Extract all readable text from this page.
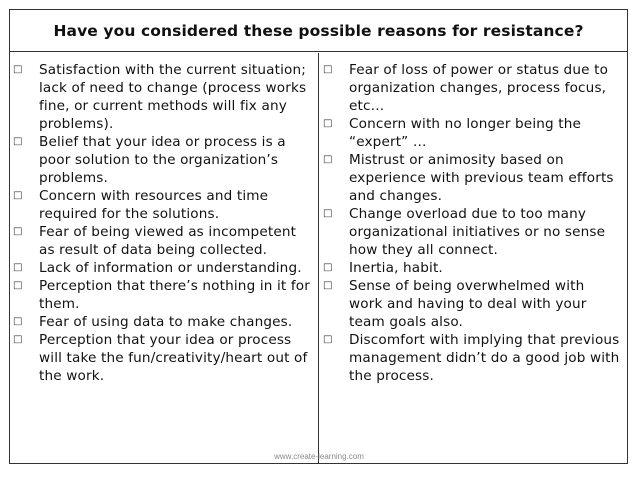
Have you considered these possible reasons for resistance?
□	Satisfaction with the current situation; lack of need to change (process works fine, or current methods will fix any problems).
□	Belief that your idea or process is a poor solution to the organization’s problems.
□	Concern with resources and time required for the solutions.
□	Fear of being viewed as incompetent as result of data being collected.
□	Lack of information or understanding.
□	Perception that there’s nothing in it for them.
□	Fear of using data to make changes.
□	Perception that your idea or process will take the fun/creativity/heart out of the work.
□	Fear of loss of power or status due to organization changes, process focus, etc…
□	Concern with no longer being the “expert” …
□	Mistrust or animosity based on experience with previous team efforts and changes.
□	Change overload due to too many organizational initiatives or no sense how they all connect.
□	Inertia, habit.
□	Sense of being overwhelmed with work and having to deal with your team goals also.
□	Discomfort with implying that previous management didn’t do a good job with the process.
www.create-learning.com
